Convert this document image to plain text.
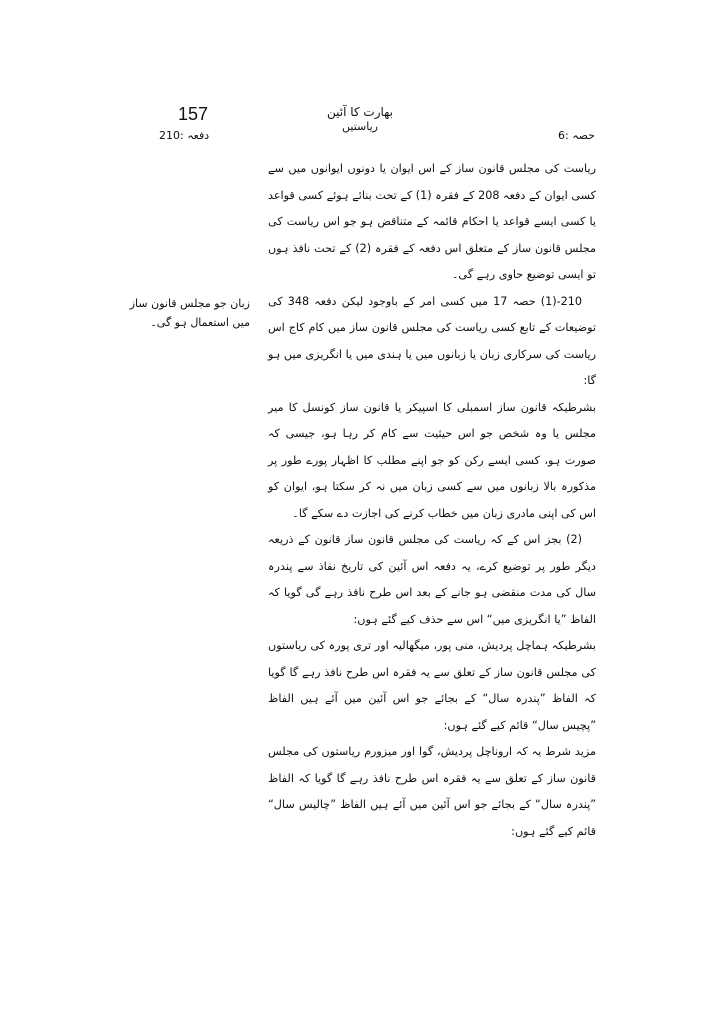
157
دفعہ :210
بھارت کا آئین
ریاستیں
حصہ :6
زبان جو مجلس قانون ساز میں استعمال ہو گی۔

ریاست کی مجلس قانون ساز کے اس ایوان یا دونوں ایوانوں میں سے کسی ایوان کے دفعہ 208 کے فقرہ (1) کے تحت بنائے ہوئے کسی قواعد یا کسی ایسے قواعد یا احکام قائمہ کے متناقض ہو جو اس ریاست کی مجلس قانون ساز کے متعلق اس دفعہ کے فقرہ (2) کے تحت نافذ ہوں تو ایسی توضیع حاوی رہے گی۔

210-(1) حصہ 17 میں کسی امر کے باوجود لیکن دفعہ 348 کی توضیعات کے تابع کسی ریاست کی مجلس قانون ساز میں کام کاج اس ریاست کی سرکاری زبان یا زبانوں میں یا ہندی میں یا انگریزی میں ہو گا:

بشرطیکہ قانون ساز اسمبلی کا اسپیکر یا قانون ساز کونسل کا میر مجلس یا وہ شخص جو اس حیثیت سے کام کر رہا ہو، جیسی کہ صورت ہو، کسی ایسے رکن کو جو اپنے مطلب کا اظہار پورے طور پر مذکورہ بالا زبانوں میں سے کسی زبان میں نہ کر سکتا ہو، ایوان کو اس کی اپنی مادری زبان میں خطاب کرنے کی اجازت دے سکے گا۔

(2) بجز اس کے کہ ریاست کی مجلس قانون ساز قانون کے ذریعہ دیگر طور پر توضیع کرے، یہ دفعہ اس آئین کی تاریخ نفاذ سے پندرہ سال کی مدت منقضی ہو جانے کے بعد اس طرح نافذ رہے گی گویا کہ الفاظ ”یا انگریزی میں“ اس سے حذف کیے گئے ہوں:

بشرطیکہ ہماچل پردیش، منی پور، میگھالیہ اور تری پورہ کی ریاستوں کی مجلس قانون ساز کے تعلق سے یہ فقرہ اس طرح نافذ رہے گا گویا کہ الفاظ ”پندرہ سال“ کے بجائے جو اس آئین میں آئے ہیں الفاظ ”پچیس سال“ قائم کیے گئے ہوں:

مزید شرط یہ کہ اروناچل پردیش، گوا اور میزورم ریاستوں کی مجلس قانون ساز کے تعلق سے یہ فقرہ اس طرح نافذ رہے گا گویا کہ الفاظ ”پندرہ سال“ کے بجائے جو اس آئین میں آئے ہیں الفاظ ”چالیس سال“ قائم کیے گئے ہوں:
